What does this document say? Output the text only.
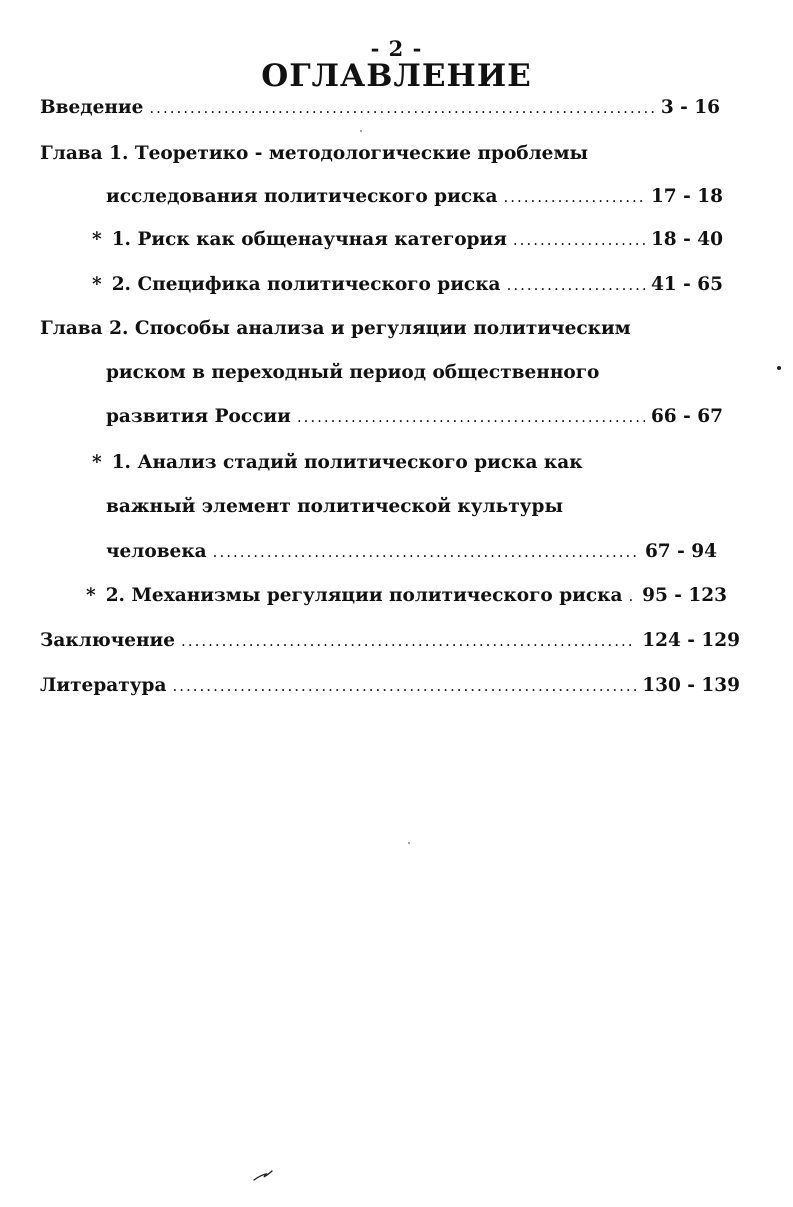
- 2 -
ОГЛАВЛЕНИЕ
Введение .....	3 - 16
Глава 1. Теоретико - методологические проблемы
исследования политического риска .....	17 - 18
* 1. Риск как общенаучная категория .....	18 - 40
* 2. Специфика политического риска .....	41 - 65
Глава 2. Способы анализа и регуляции политическим
риском в переходный период общественного
развития России .....	66 - 67
* 1. Анализ стадий политического риска как
важный элемент политической культуры
человека .....	67 - 94
* 2. Механизмы регуляции политического риска ..... 95 - 123
Заключение .....	124 - 129
Литература .....	130 - 139
